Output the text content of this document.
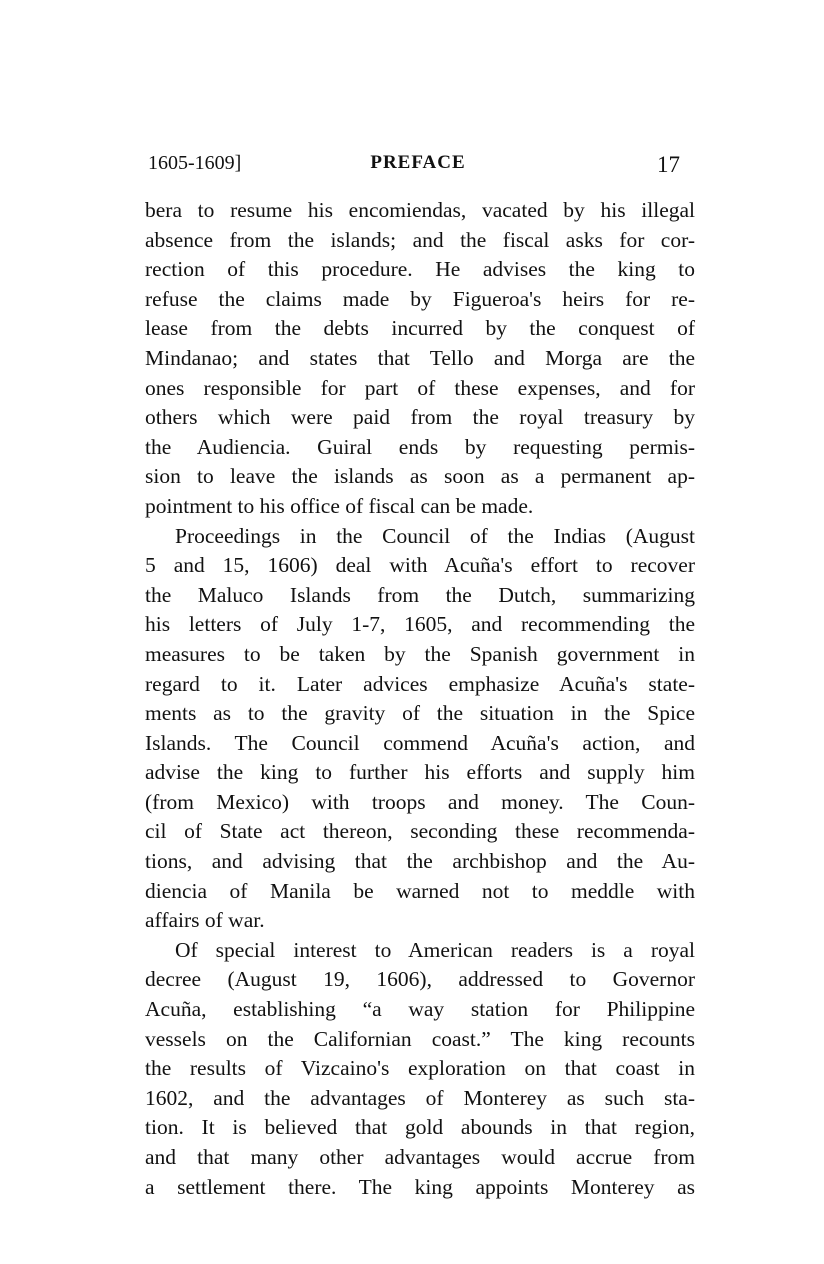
1605-1609]	PREFACE	17
bera to resume his encomiendas, vacated by his illegal
absence from the islands; and the fiscal asks for cor-
rection of this procedure. He advises the king to
refuse the claims made by Figueroa's heirs for re-
lease from the debts incurred by the conquest of
Mindanao; and states that Tello and Morga are the
ones responsible for part of these expenses, and for
others which were paid from the royal treasury by
the Audiencia. Guiral ends by requesting permis-
sion to leave the islands as soon as a permanent ap-
pointment to his office of fiscal can be made.
Proceedings in the Council of the Indias (August
5 and 15, 1606) deal with Acuña's effort to recover
the Maluco Islands from the Dutch, summarizing
his letters of July 1-7, 1605, and recommending the
measures to be taken by the Spanish government in
regard to it. Later advices emphasize Acuña's state-
ments as to the gravity of the situation in the Spice
Islands. The Council commend Acuña's action, and
advise the king to further his efforts and supply him
(from Mexico) with troops and money. The Coun-
cil of State act thereon, seconding these recommenda-
tions, and advising that the archbishop and the Au-
diencia of Manila be warned not to meddle with
affairs of war.
Of special interest to American readers is a royal
decree (August 19, 1606), addressed to Governor
Acuña, establishing “a way station for Philippine
vessels on the Californian coast.” The king recounts
the results of Vizcaino's exploration on that coast in
1602, and the advantages of Monterey as such sta-
tion. It is believed that gold abounds in that region,
and that many other advantages would accrue from
a settlement there. The king appoints Monterey as
